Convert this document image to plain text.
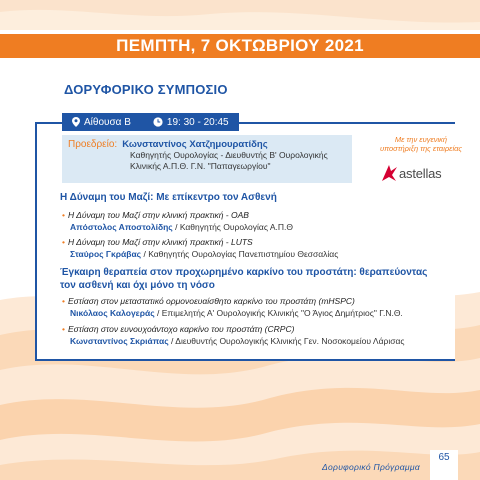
ΠΕΜΠΤΗ, 7 ΟΚΤΩΒΡΙΟΥ 2021
ΔΟΡΥΦΟΡΙΚΟ ΣΥΜΠΟΣΙΟ
Αίθουσα Β	19: 30 - 20:45
Προεδρείο: Κωνσταντίνος Χατζημουρατίδης
Καθηγητής Ουρολογίας - Διευθυντής Β' Ουρολογικής
Κλινικής Α.Π.Θ. Γ.Ν. "Παπαγεωργίου"
Με την ευγενική
υποστήριξη της εταιρείας
astellas
Η Δύναμη του Μαζί: Με επίκεντρο τον Ασθενή
• Η Δύναμη του Μαζί στην κλινική πρακτική - OAB
Απόστολος Αποστολίδης / Καθηγητής Ουρολογίας Α.Π.Θ
• Η Δύναμη του Μαζί στην κλινική πρακτική - LUTS
Σταύρος Γκράβας / Καθηγητής Ουρολογίας Πανεπιστημίου Θεσσαλίας
Έγκαιρη θεραπεία στον προχωρημένο καρκίνο του προστάτη: θεραπεύοντας
τον ασθενή και όχι μόνο τη νόσο
• Εστίαση στον μεταστατικό ορμονοευαίσθητο καρκίνο του προστάτη (mHSPC)
Νικόλαος Καλογεράς / Επιμελητής Α' Ουρολογικής Κλινικής "Ο Άγιος Δημήτριος" Γ.Ν.Θ.
• Εστίαση στον ευνουχοάντοχο καρκίνο του προστάτη (CRPC)
Κωνσταντίνος Σκριάπας / Διευθυντής Ουρολογικής Κλινικής Γεν. Νοσοκομείου Λάρισας
Δορυφορικό Πρόγραμμα
65
